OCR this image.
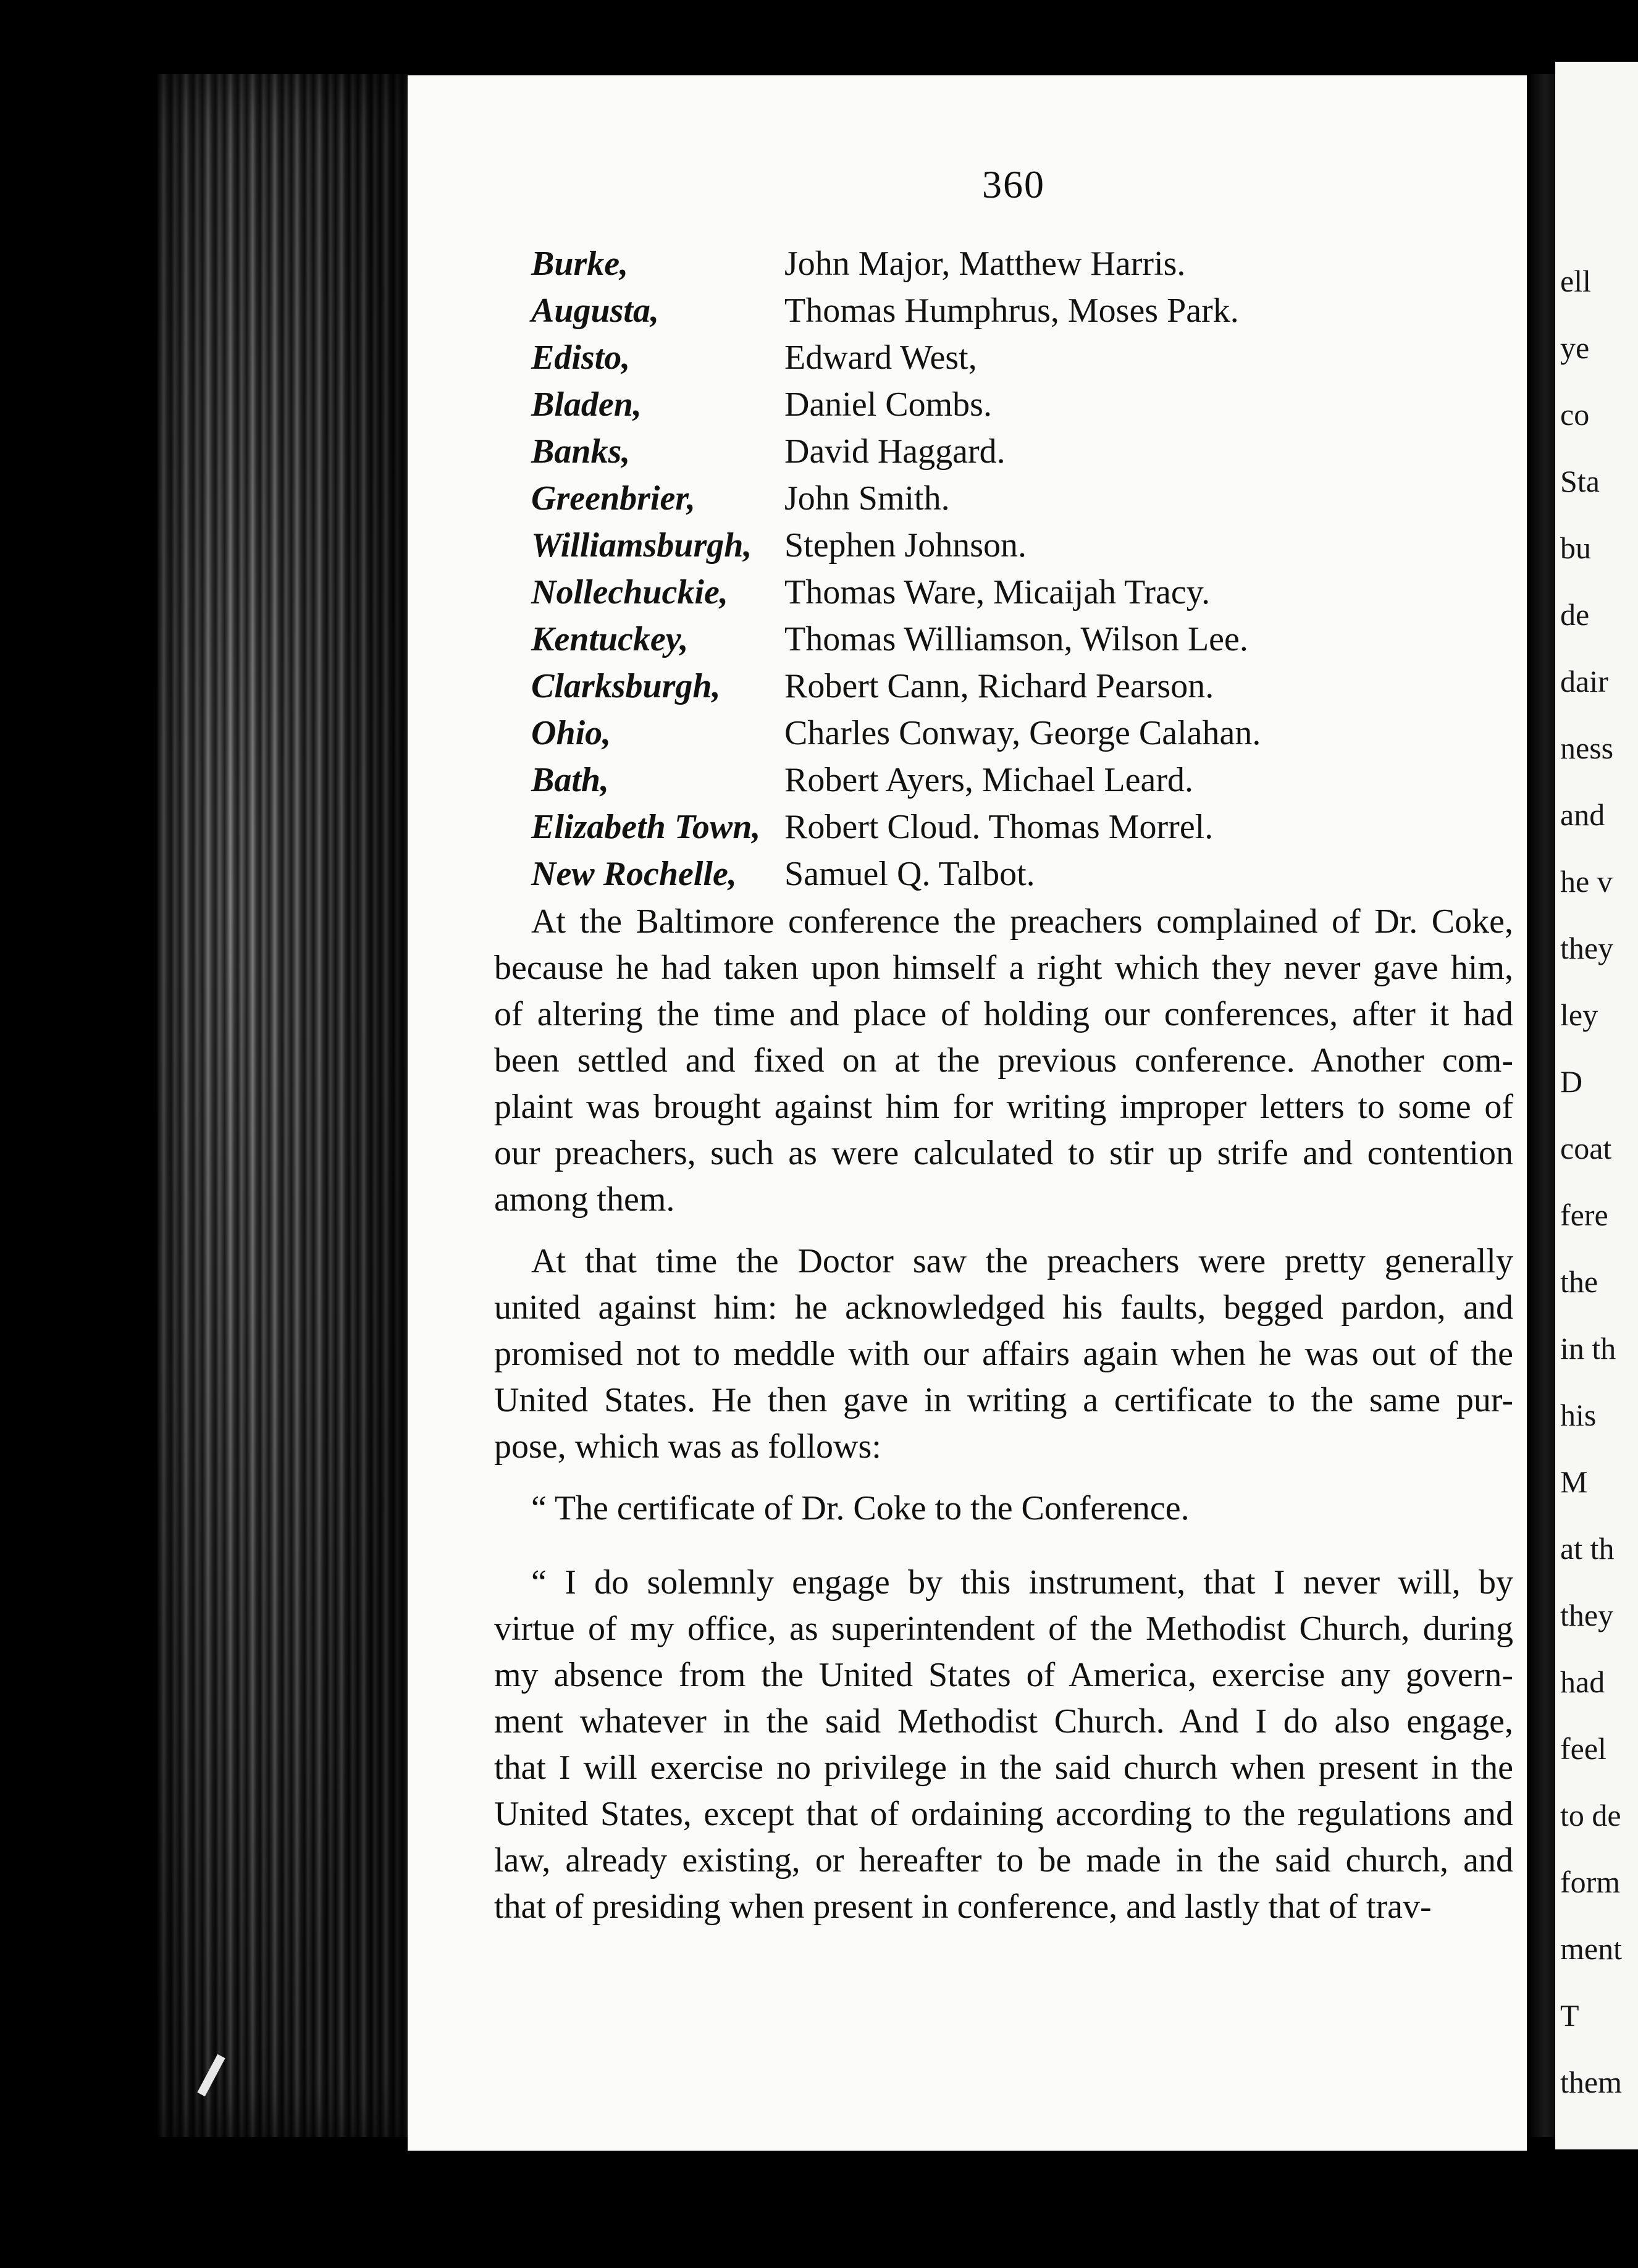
ell
ye
co
Sta
bu
de
dair
ness
and
he v
they
ley
D
coat
fere
the
in th
his
M
at th
they
had
feel
to de
form
ment
T
them
360
Burke,	John Major, Matthew Harris.
Augusta,	Thomas Humphrus, Moses Park.
Edisto,	Edward West,
Bladen,	Daniel Combs.
Banks,	David Haggard.
Greenbrier,	John Smith.
Williamsburgh, Stephen Johnson.
Nollechuckie, Thomas Ware, Micaijah Tracy.
Kentuckey,	Thomas Williamson, Wilson Lee.
Clarksburgh, Robert Cann, Richard Pearson.
Ohio,	Charles Conway, George Calahan.
Bath,	Robert Ayers, Michael Leard.
Elizabeth Town, Robert Cloud. Thomas Morrel.
New Rochelle, Samuel Q. Talbot.

At the Baltimore conference the preachers complained of Dr. Coke,
because he had taken upon himself a right which they never gave him,
of altering the time and place of holding our conferences, after it had
been settled and fixed on at the previous conference. Another com-
plaint was brought against him for writing improper letters to some of
our preachers, such as were calculated to stir up strife and contention
among them.

At that time the Doctor saw the preachers were pretty generally
united against him: he acknowledged his faults, begged pardon, and
promised not to meddle with our affairs again when he was out of the
United States. He then gave in writing a certificate to the same pur-
pose, which was as follows:

“ The certificate of Dr. Coke to the Conference.

“ I do solemnly engage by this instrument, that I never will, by
virtue of my office, as superintendent of the Methodist Church, during
my absence from the United States of America, exercise any govern-
ment whatever in the said Methodist Church. And I do also engage,
that I will exercise no privilege in the said church when present in the
United States, except that of ordaining according to the regulations and
law, already existing, or hereafter to be made in the said church, and
that of presiding when present in conference, and lastly that of trav-
